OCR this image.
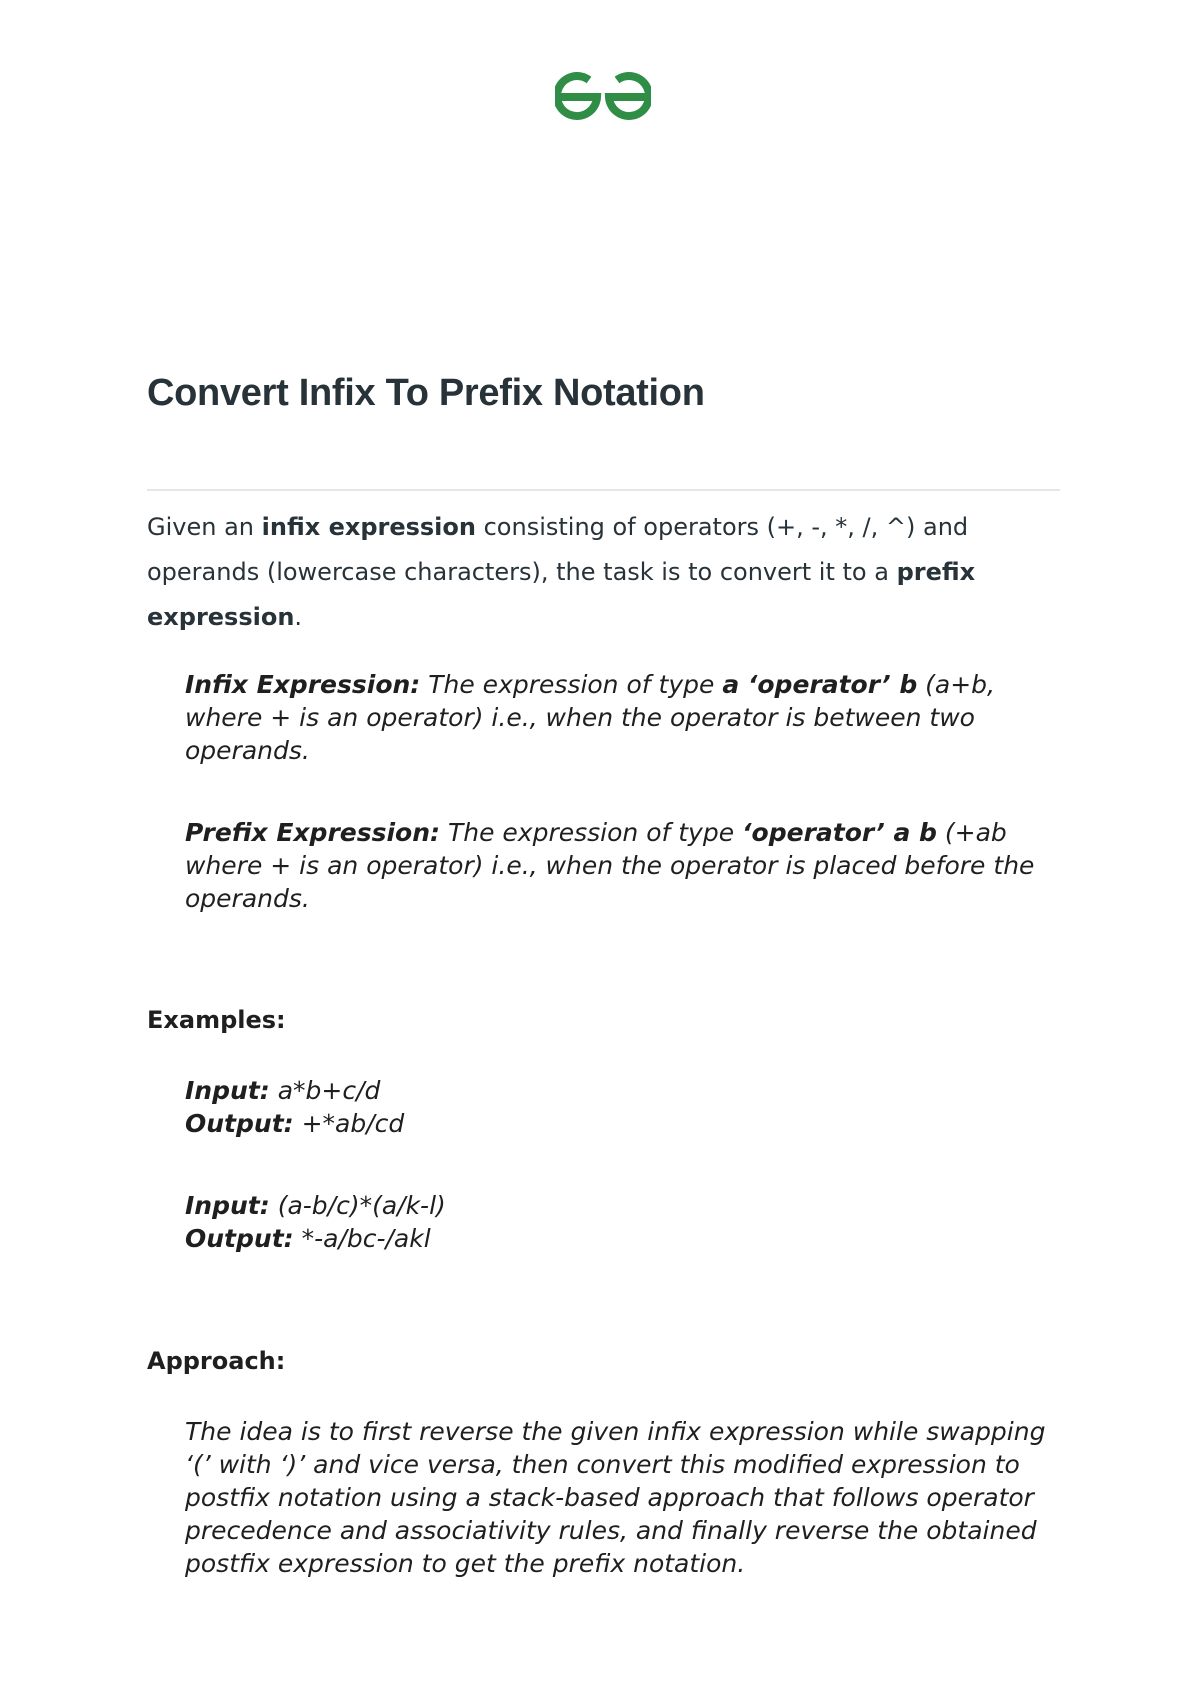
Convert Infix To Prefix Notation

Given an infix expression consisting of operators (+, -, *, /, ^) and operands (lowercase characters), the task is to convert it to a prefix expression.

Infix Expression: The expression of type a ‘operator’ b (a+b, where + is an operator) i.e., when the operator is between two operands.

Prefix Expression: The expression of type ‘operator’ a b (+ab where + is an operator) i.e., when the operator is placed before the operands.

Examples:

Input: a*b+c/d
Output: +*ab/cd

Input: (a-b/c)*(a/k-l)
Output: *-a/bc-/akl

Approach:

The idea is to first reverse the given infix expression while swapping ‘(’ with ‘)’ and vice versa, then convert this modified expression to postfix notation using a stack-based approach that follows operator precedence and associativity rules, and finally reverse the obtained postfix expression to get the prefix notation.
